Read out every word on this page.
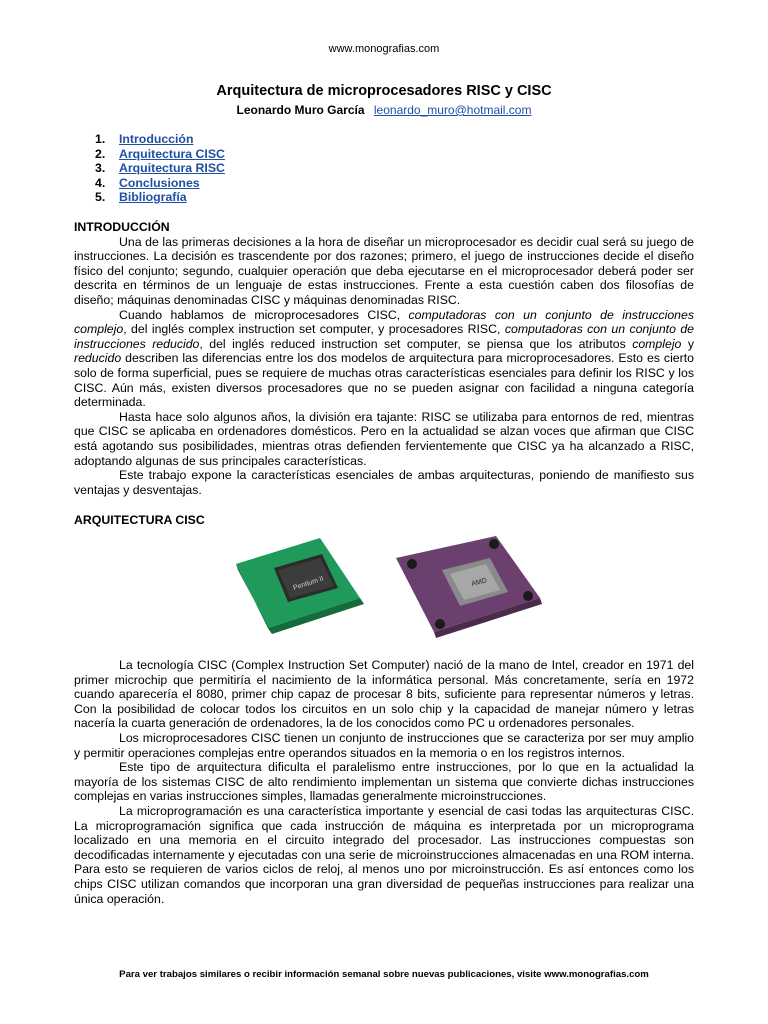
www.monografias.com
Arquitectura de microprocesadores RISC y CISC
Leonardo Muro García leonardo_muro@hotmail.com
1. Introducción
2. Arquitectura CISC
3. Arquitectura RISC
4. Conclusiones
5. Bibliografía

INTRODUCCIÓN

Una de las primeras decisiones a la hora de diseñar un microprocesador es decidir cual será su juego de instrucciones. La decisión es trascendente por dos razones; primero, el juego de instrucciones decide el diseño físico del conjunto; segundo, cualquier operación que deba ejecutarse en el microprocesador deberá poder ser descrita en términos de un lenguaje de estas instrucciones. Frente a esta cuestión caben dos filosofías de diseño; máquinas denominadas CISC y máquinas denominadas RISC.

Cuando hablamos de microprocesadores CISC, computadoras con un conjunto de instrucciones complejo, del inglés complex instruction set computer, y procesadores RISC, computadoras con un conjunto de instrucciones reducido, del inglés reduced instruction set computer, se piensa que los atributos complejo y reducido describen las diferencias entre los dos modelos de arquitectura para microprocesadores. Esto es cierto solo de forma superficial, pues se requiere de muchas otras características esenciales para definir los RISC y los CISC. Aún más, existen diversos procesadores que no se pueden asignar con facilidad a ninguna categoría determinada.

Hasta hace solo algunos años, la división era tajante: RISC se utilizaba para entornos de red, mientras que CISC se aplicaba en ordenadores domésticos. Pero en la actualidad se alzan voces que afirman que CISC está agotando sus posibilidades, mientras otras defienden fervientemente que CISC ya ha alcanzado a RISC, adoptando algunas de sus principales características.

Este trabajo expone la características esenciales de ambas arquitecturas, poniendo de manifiesto sus ventajas y desventajas.

ARQUITECTURA CISC

Pentium II	AMD

La tecnología CISC (Complex Instruction Set Computer) nació de la mano de Intel, creador en 1971 del primer microchip que permitiría el nacimiento de la informática personal. Más concretamente, sería en 1972 cuando aparecería el 8080, primer chip capaz de procesar 8 bits, suficiente para representar números y letras. Con la posibilidad de colocar todos los circuitos en un solo chip y la capacidad de manejar número y letras nacería la cuarta generación de ordenadores, la de los conocidos como PC u ordenadores personales.

Los microprocesadores CISC tienen un conjunto de instrucciones que se caracteriza por ser muy amplio y permitir operaciones complejas entre operandos situados en la memoria o en los registros internos.

Este tipo de arquitectura dificulta el paralelismo entre instrucciones, por lo que en la actualidad la mayoría de los sistemas CISC de alto rendimiento implementan un sistema que convierte dichas instrucciones complejas en varias instrucciones simples, llamadas generalmente microinstrucciones.

La microprogramación es una característica importante y esencial de casi todas las arquitecturas CISC. La microprogramación significa que cada instrucción de máquina es interpretada por un microprograma localizado en una memoria en el circuito integrado del procesador. Las instrucciones compuestas son decodificadas internamente y ejecutadas con una serie de microinstrucciones almacenadas en una ROM interna. Para esto se requieren de varios ciclos de reloj, al menos uno por microinstrucción. Es así entonces como los chips CISC utilizan comandos que incorporan una gran diversidad de pequeñas instrucciones para realizar una única operación.

Para ver trabajos similares o recibir información semanal sobre nuevas publicaciones, visite www.monografias.com
